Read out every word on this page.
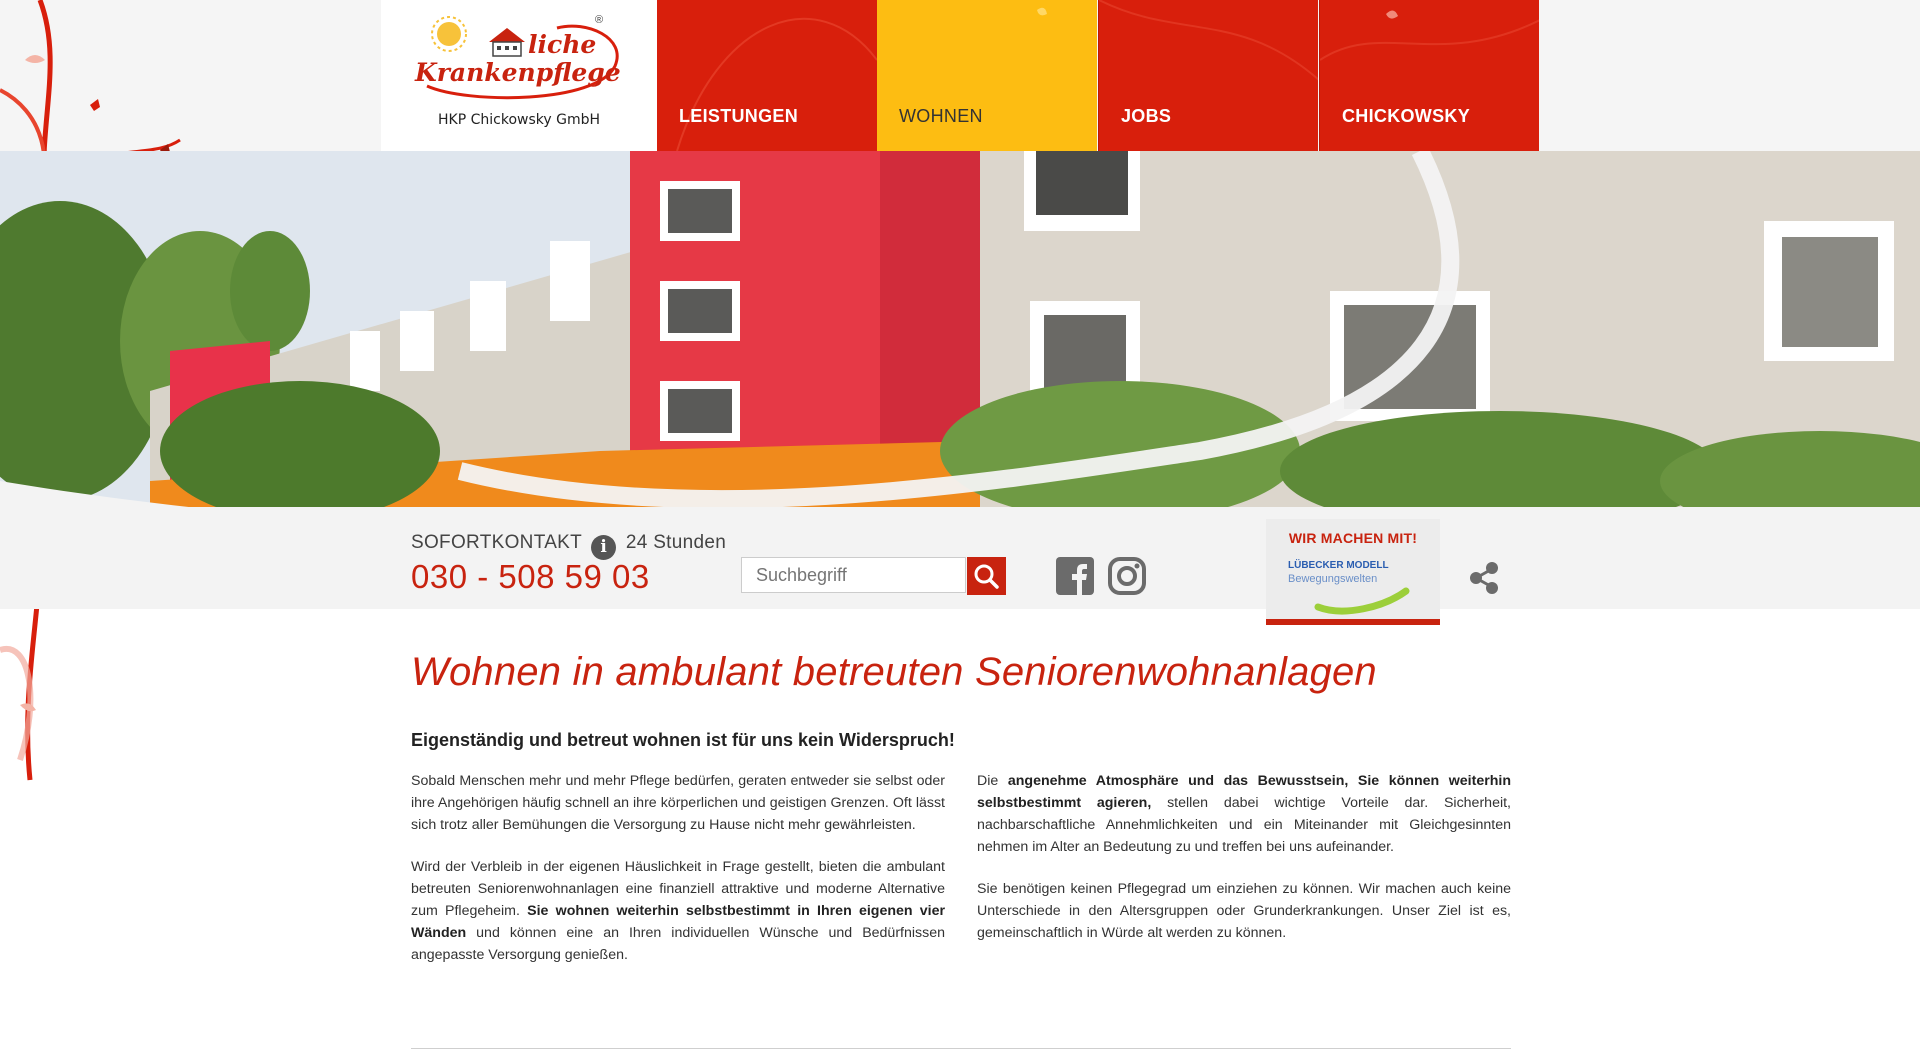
liche
Krankenpflege
®
HKP Chickowsky GmbH	LEISTUNGEN	WOHNEN	JOBS	CHICKOWSKY
SOFORTKONTAKT i 24 Stunden
030 - 508 59 03
Suchbegriff
WIR MACHEN MIT!
LÜBECKER MODELL
Bewegungswelten
Wohnen in ambulant betreuten Seniorenwohnanlagen
Eigenständig und betreut wohnen ist für uns kein Widerspruch!

Sobald Menschen mehr und mehr Pflege bedürfen, geraten entweder sie selbst oder ihre Angehörigen häufig schnell an ihre körperlichen und geistigen Grenzen. Oft lässt sich trotz aller Bemühungen die Versorgung zu Hause nicht mehr gewährleisten.

Wird der Verbleib in der eigenen Häuslichkeit in Frage gestellt, bieten die ambulant betreuten Seniorenwohnanlagen eine finanziell attraktive und moderne Alternative zum Pflegeheim. Sie wohnen weiterhin selbstbestimmt in Ihren eigenen vier Wänden und können eine an Ihren individuellen Wünsche und Bedürfnissen angepasste Versorgung genießen.

Die angenehme Atmosphäre und das Bewusstsein, Sie können weiterhin selbstbestimmt agieren, stellen dabei wichtige Vorteile dar. Sicherheit, nachbarschaftliche Annehmlichkeiten und ein Miteinander mit Gleichgesinnten nehmen im Alter an Bedeutung zu und treffen bei uns aufeinander.

Sie benötigen keinen Pflegegrad um einziehen zu können. Wir machen auch keine Unterschiede in den Altersgruppen oder Grunderkrankungen. Unser Ziel ist es, gemeinschaftlich in Würde alt werden zu können.
